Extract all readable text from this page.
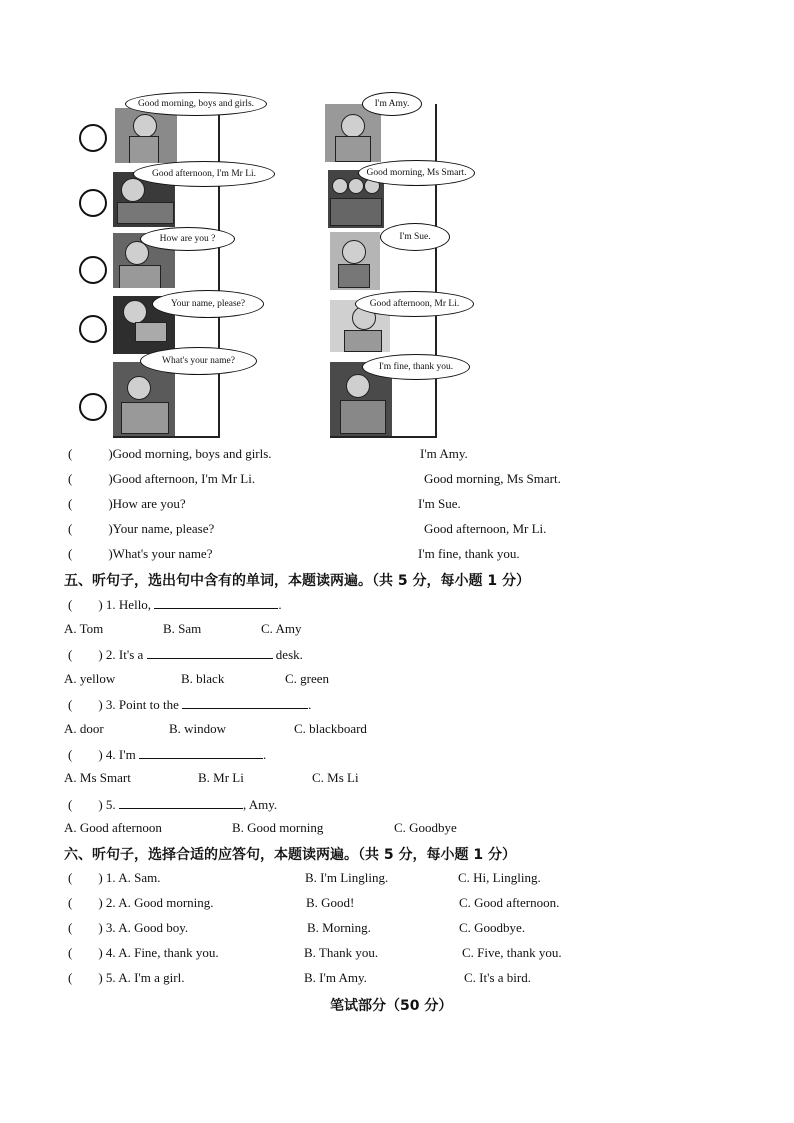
Good morning, boys and girls.
Good afternoon, I'm Mr Li.
How are you ?
Your name, please?
What's your name?
I'm Amy.
Good morning, Ms Smart.
I'm Sue.
Good afternoon, Mr Li.
I'm fine, thank you.
(	)Good morning, boys and girls.	I'm Amy.
(	)Good afternoon, I'm Mr Li.	Good morning, Ms Smart.
(	)How are you?	I'm Sue.
(	)Your name, please?	Good afternoon, Mr Li.
(	)What's your name?	I'm fine, thank you.
五、听句子，选出句中含有的单词，本题读两遍。（共 5 分，每小题 1 分）
( ) 1. Hello,	.
A. Tom	B. Sam	C. Amy
( ) 2. It's a	desk.
A. yellow	B. black	C. green
( ) 3. Point to the	.
A. door	B. window	C. blackboard
( ) 4. I'm	.
A. Ms Smart	B. Mr Li	C. Ms Li
( ) 5.	, Amy.
A. Good afternoon	B. Good morning	C. Goodbye
六、听句子，选择合适的应答句，本题读两遍。（共 5 分，每小题 1 分）
( ) 1. A. Sam.	B. I'm Lingling.	C. Hi, Lingling.
( ) 2. A. Good morning.	B. Good!	C. Good afternoon.
( ) 3. A. Good boy.	B. Morning.	C. Goodbye.
( ) 4. A. Fine, thank you.	B. Thank you.	C. Five, thank you.
( ) 5. A. I'm a girl.	B. I'm Amy.	C. It's a bird.
笔试部分（50 分）
